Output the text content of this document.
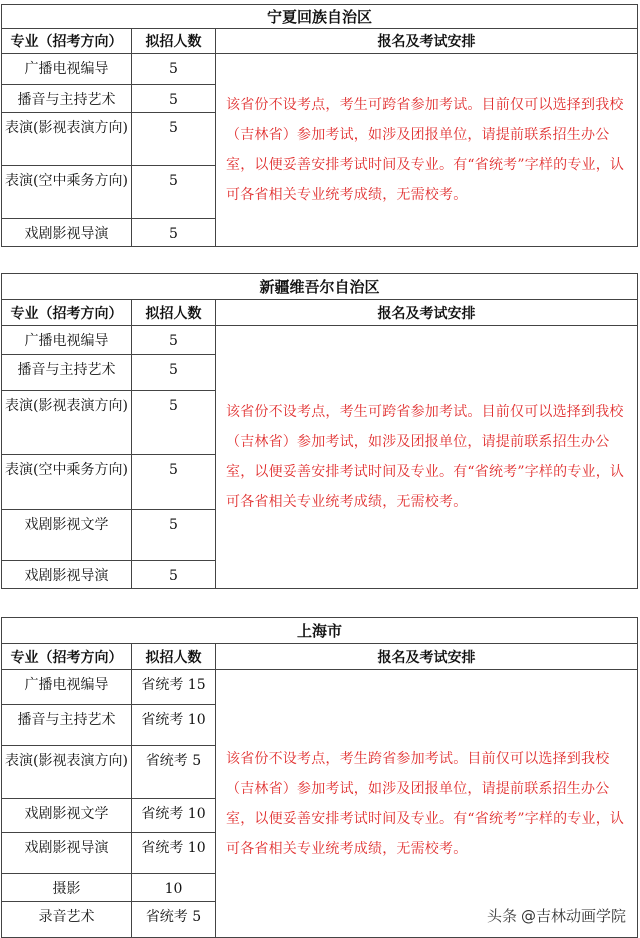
宁夏回族自治区		
专业（招考方向）	拟招人数	报名及考试安排
广播电视编导	5	该省份不设考点，考生可跨省参加考试。目前仅可以选择到我校（吉林省）参加考试，如涉及团报单位，请提前联系招生办公室，以便妥善安排考试时间及专业。有“省统考”字样的专业，认可各省相关专业统考成绩，无需校考。
播音与主持艺术	5	
表演(影视表演方向)	5	
表演(空中乘务方向)	5	
戏剧影视导演	5	
新疆维吾尔自治区		
专业（招考方向）	拟招人数	报名及考试安排
广播电视编导	5	该省份不设考点，考生可跨省参加考试。目前仅可以选择到我校（吉林省）参加考试，如涉及团报单位，请提前联系招生办公室，以便妥善安排考试时间及专业。有“省统考”字样的专业，认可各省相关专业统考成绩，无需校考。
播音与主持艺术	5	
表演(影视表演方向)	5	
表演(空中乘务方向)	5	
戏剧影视文学	5	
戏剧影视导演	5	
上海市		
专业（招考方向）	拟招人数	报名及考试安排
广播电视编导	省统考 15	该省份不设考点，考生跨省参加考试。目前仅可以选择到我校（吉林省）参加考试，如涉及团报单位，请提前联系招生办公室，以便妥善安排考试时间及专业。有“省统考”字样的专业，认可各省相关专业统考成绩，无需校考。
播音与主持艺术	省统考 10	
表演(影视表演方向)	省统考 5	
戏剧影视文学	省统考 10	
戏剧影视导演	省统考 10	
摄影	10	
录音艺术	省统考 5		头条 @吉林动画学院
